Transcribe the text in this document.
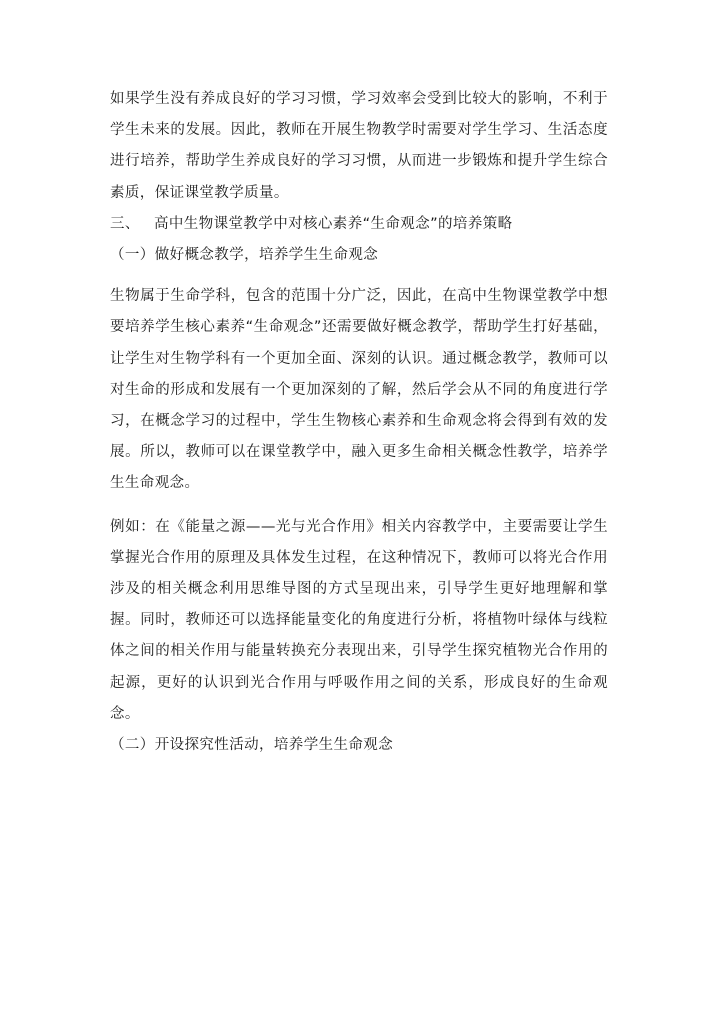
如果学生没有养成良好的学习习惯，学习效率会受到比较大的影响，不利于学生未来的发展。因此，教师在开展生物教学时需要对学生学习、生活态度进行培养，帮助学生养成良好的学习习惯，从而进一步锻炼和提升学生综合素质，保证课堂教学质量。

三、 高中生物课堂教学中对核心素养“生命观念”的培养策略

（一）做好概念教学，培养学生生命观念

生物属于生命学科，包含的范围十分广泛，因此，在高中生物课堂教学中想要培养学生核心素养“生命观念”还需要做好概念教学，帮助学生打好基础，让学生对生物学科有一个更加全面、深刻的认识。通过概念教学，教师可以对生命的形成和发展有一个更加深刻的了解，然后学会从不同的角度进行学习，在概念学习的过程中，学生生物核心素养和生命观念将会得到有效的发展。所以，教师可以在课堂教学中，融入更多生命相关概念性教学，培养学生生命观念。

例如：在《能量之源——光与光合作用》相关内容教学中，主要需要让学生掌握光合作用的原理及具体发生过程，在这种情况下，教师可以将光合作用涉及的相关概念利用思维导图的方式呈现出来，引导学生更好地理解和掌握。同时，教师还可以选择能量变化的角度进行分析，将植物叶绿体与线粒体之间的相关作用与能量转换充分表现出来，引导学生探究植物光合作用的起源，更好的认识到光合作用与呼吸作用之间的关系，形成良好的生命观念。

（二）开设探究性活动，培养学生生命观念
